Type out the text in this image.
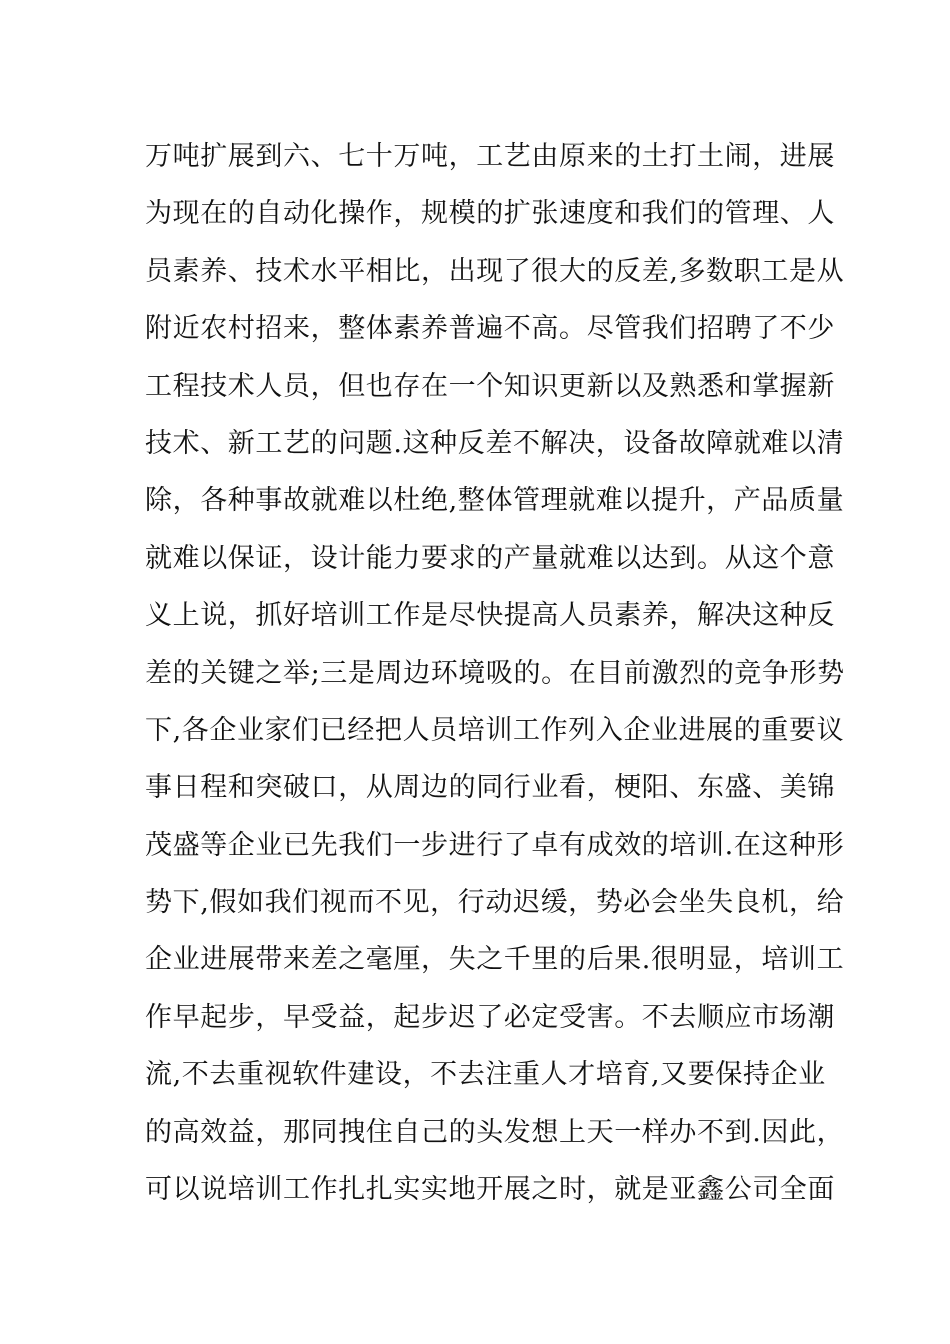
万吨扩展到六、七十万吨，工艺由原来的土打土闹，进展
为现在的自动化操作，规模的扩张速度和我们的管理、人
员素养、技术水平相比，出现了很大的反差,多数职工是从
附近农村招来，整体素养普遍不高。尽管我们招聘了不少
工程技术人员，但也存在一个知识更新以及熟悉和掌握新
技术、新工艺的问题.这种反差不解决，设备故障就难以清
除，各种事故就难以杜绝,整体管理就难以提升，产品质量
就难以保证，设计能力要求的产量就难以达到。从这个意
义上说，抓好培训工作是尽快提高人员素养，解决这种反
差的关键之举;三是周边环境吸的。在目前激烈的竞争形势
下,各企业家们已经把人员培训工作列入企业进展的重要议
事日程和突破口，从周边的同行业看，梗阳、东盛、美锦
茂盛等企业已先我们一步进行了卓有成效的培训.在这种形
势下,假如我们视而不见，行动迟缓，势必会坐失良机，给
企业进展带来差之毫厘，失之千里的后果.很明显，培训工
作早起步，早受益，起步迟了必定受害。不去顺应市场潮
流,不去重视软件建设，不去注重人才培育,又要保持企业
的高效益，那同拽住自己的头发想上天一样办不到.因此，
可以说培训工作扎扎实实地开展之时，就是亚鑫公司全面
